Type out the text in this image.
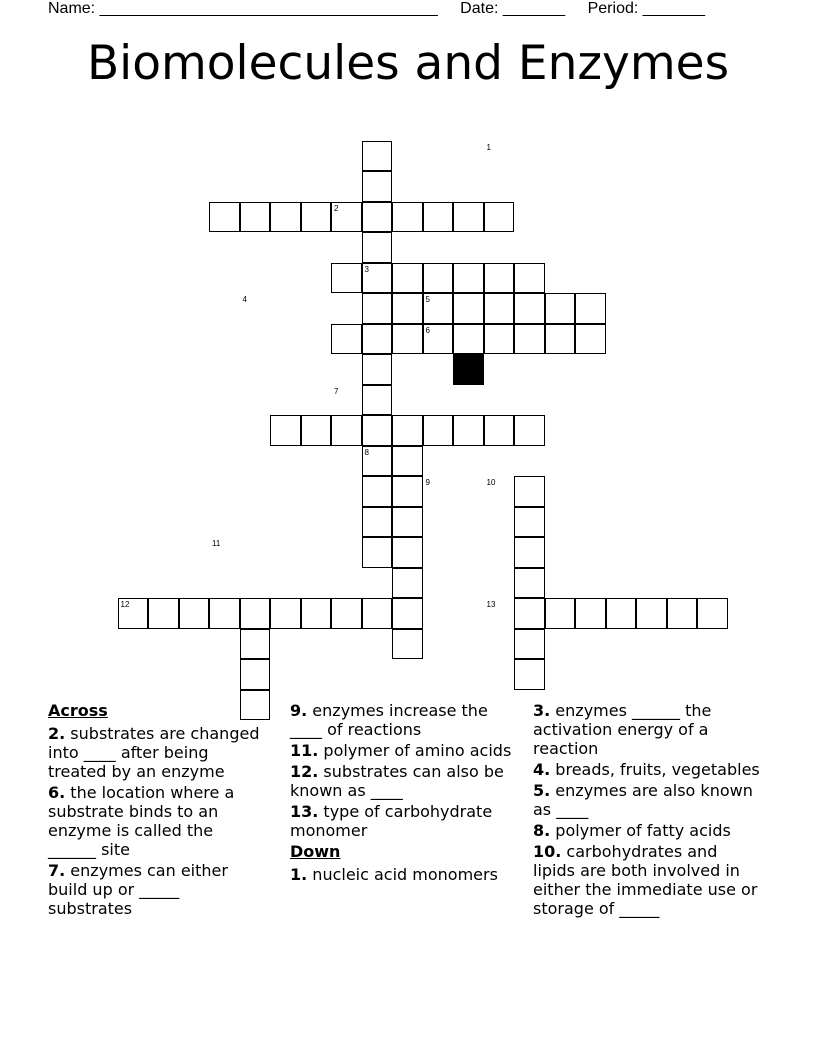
Name: ______________________________________ Date: _______ Period: _______
Biomolecules and Enzymes
1
2
3
4	5
6
7
8
9	10
11
12	13
Across
2. substrates are changed into ____ after being treated by an enzyme
6. the location where a substrate binds to an enzyme is called the ______ site
7. enzymes can either build up or _____ substrates
9. enzymes increase the ____ of reactions
11. polymer of amino acids
12. substrates can also be known as ____
13. type of carbohydrate monomer
Down
1. nucleic acid monomers
3. enzymes ______ the activation energy of a reaction
4. breads, fruits, vegetables
5. enzymes are also known as ____
8. polymer of fatty acids
10. carbohydrates and lipids are both involved in either the immediate use or storage of _____
